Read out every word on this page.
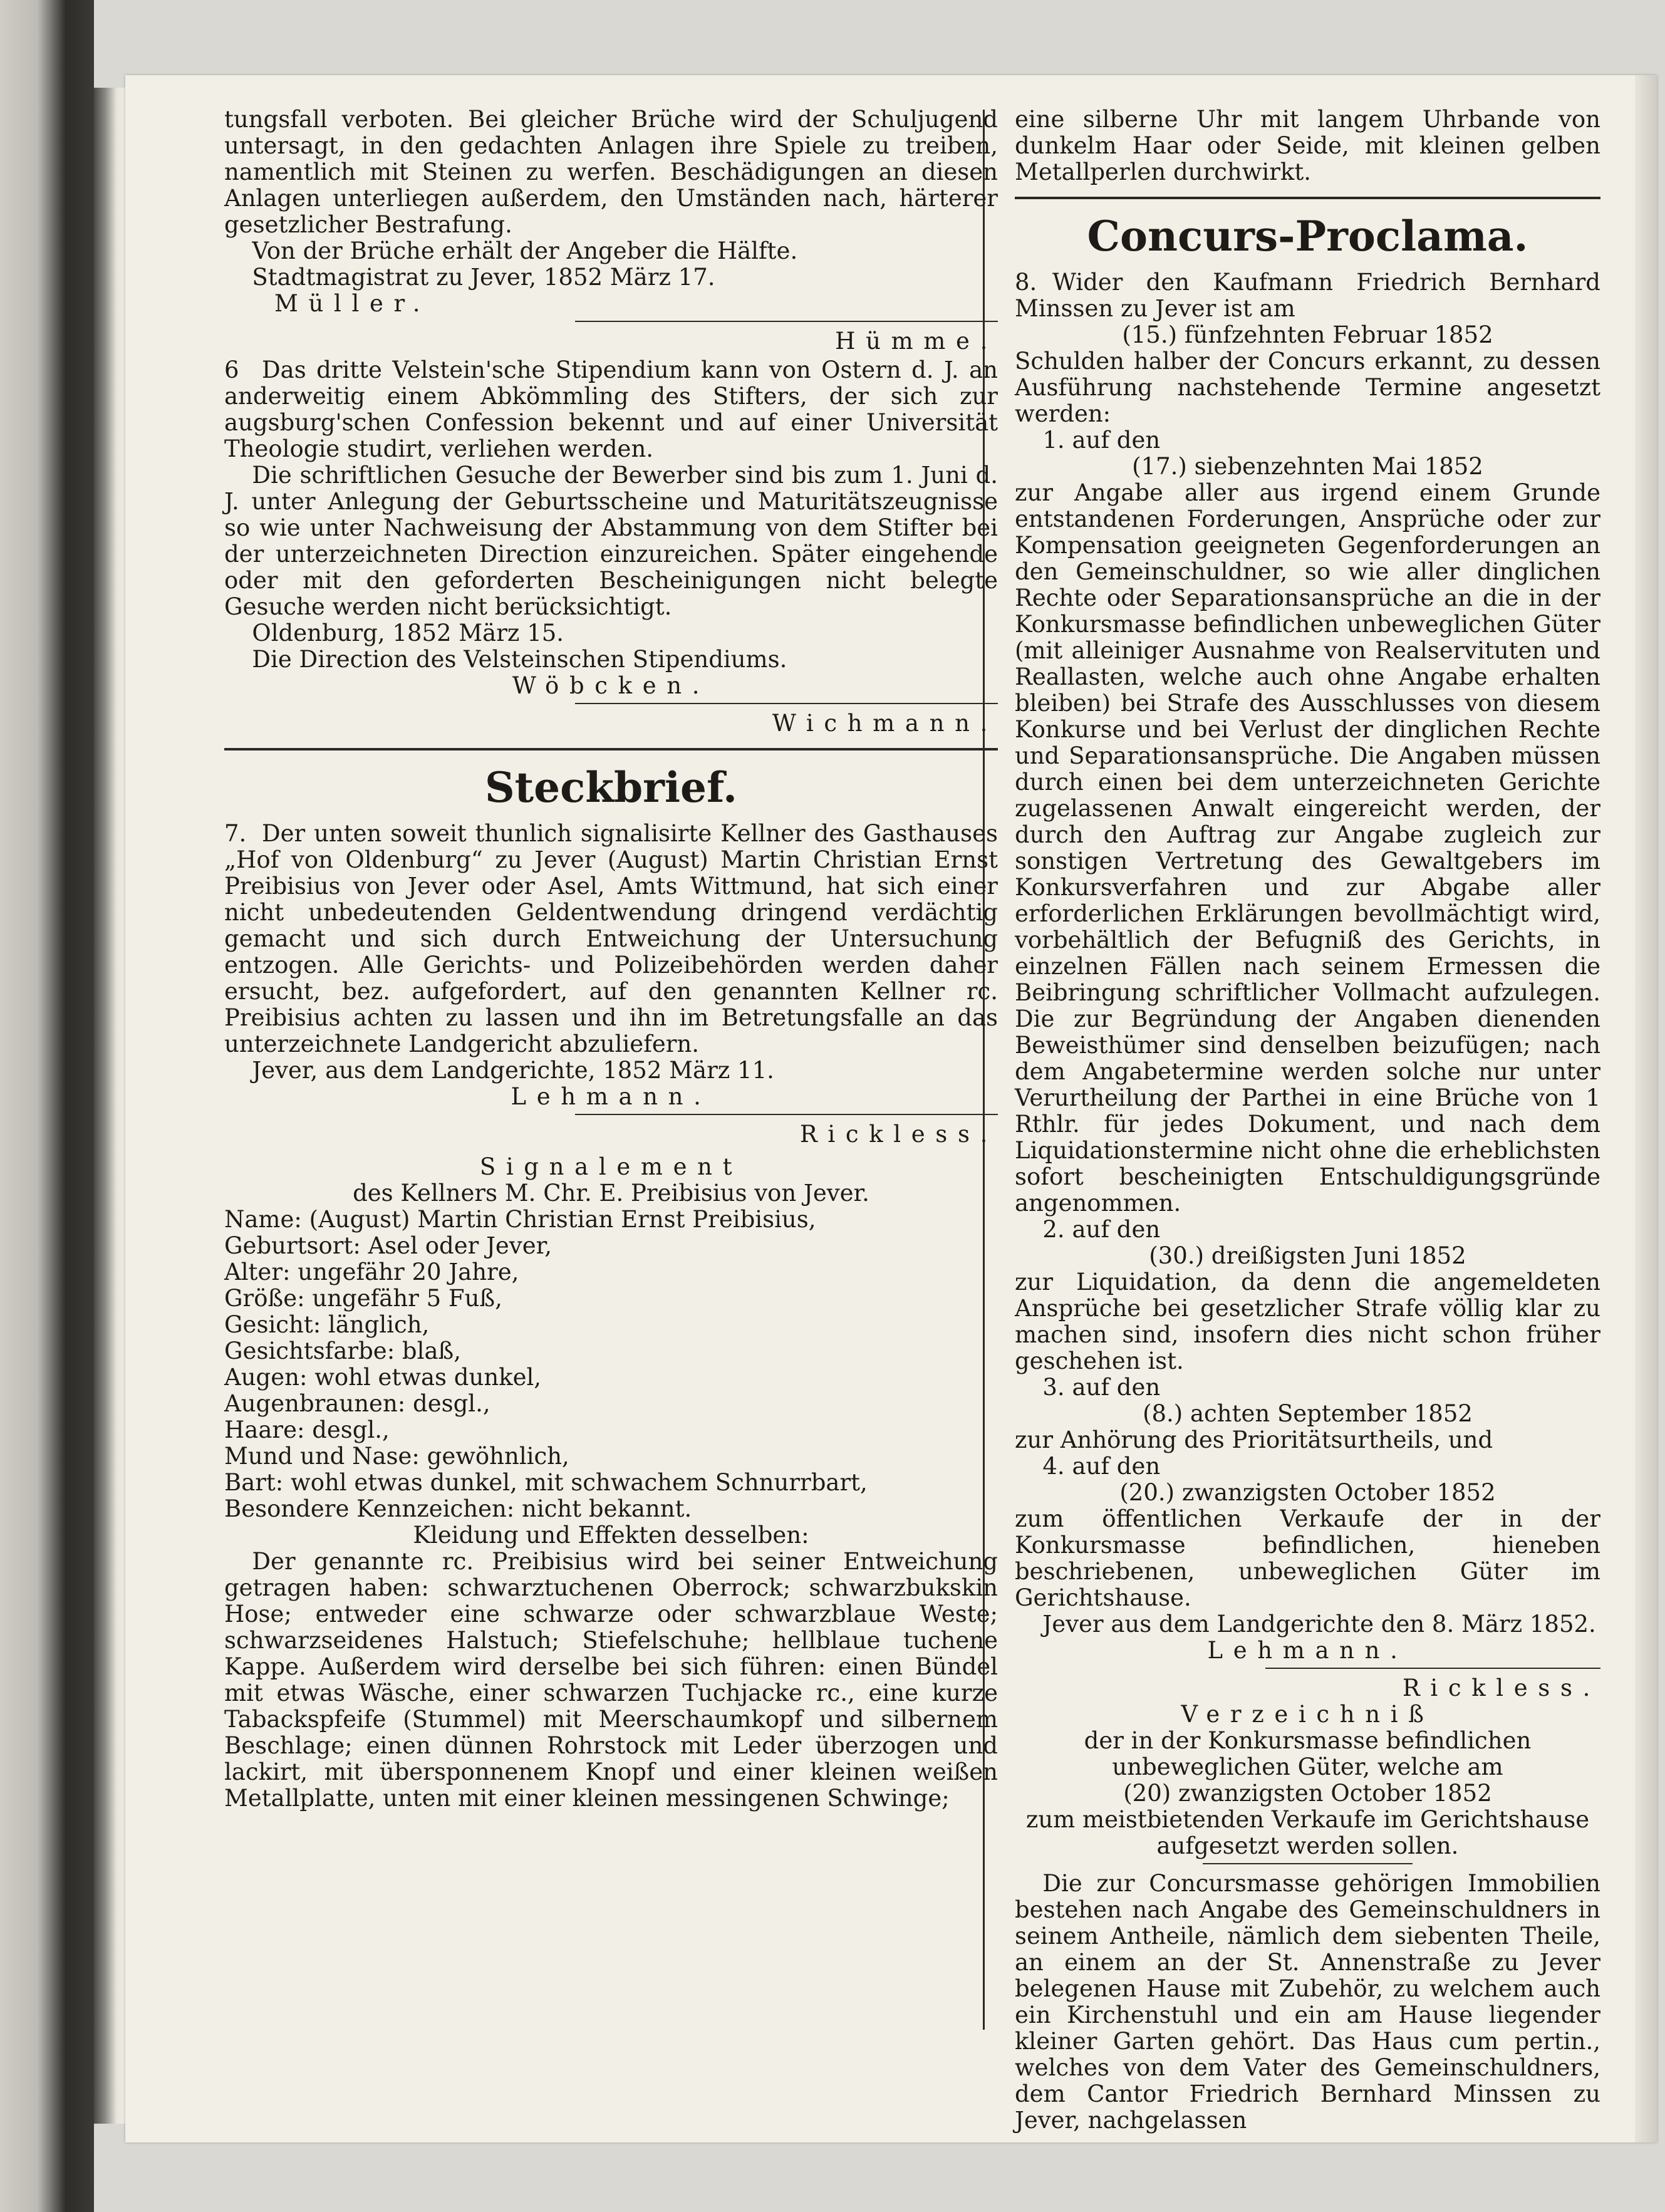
tungsfall verboten. Bei gleicher Brüche wird der Schuljugend untersagt, in den gedachten Anlagen ihre Spiele zu treiben, namentlich mit Steinen zu werfen. Beschädigungen an diesen Anlagen unterliegen außerdem, den Umständen nach, härterer gesetzlicher Bestrafung.

Von der Brüche erhält der Angeber die Hälfte.

Stadtmagistrat zu Jever, 1852 März 17.

Müller.

Hümme.

6 Das dritte Velstein'sche Stipendium kann von Ostern d. J. an anderweitig einem Abkömmling des Stifters, der sich zur augsburg'schen Confession bekennt und auf einer Universität Theologie studirt, verliehen werden.

Die schriftlichen Gesuche der Bewerber sind bis zum 1. Juni d. J. unter Anlegung der Geburtsscheine und Maturitätszeugnisse so wie unter Nachweisung der Abstammung von dem Stifter bei der unterzeichneten Direction einzureichen. Später eingehende oder mit den geforderten Bescheinigungen nicht belegte Gesuche werden nicht berücksichtigt.

Oldenburg, 1852 März 15.

Die Direction des Velsteinschen Stipendiums.

Wöbcken.

Wichmann.

Steckbrief.

7. Der unten soweit thunlich signalisirte Kellner des Gasthauses „Hof von Oldenburg“ zu Jever (August) Martin Christian Ernst Preibisius von Jever oder Asel, Amts Wittmund, hat sich einer nicht unbedeutenden Geldentwendung dringend verdächtig gemacht und sich durch Entweichung der Untersuchung entzogen. Alle Gerichts- und Polizeibehörden werden daher ersucht, bez. aufgefordert, auf den genannten Kellner rc. Preibisius achten zu lassen und ihn im Betretungsfalle an das unterzeichnete Landgericht abzuliefern.

Jever, aus dem Landgerichte, 1852 März 11.

Lehmann.

Rickless.

Signalement

des Kellners M. Chr. E. Preibisius von Jever.

Name: (August) Martin Christian Ernst Preibisius,

Geburtsort: Asel oder Jever,

Alter: ungefähr 20 Jahre,

Größe: ungefähr 5 Fuß,

Gesicht: länglich,

Gesichtsfarbe: blaß,

Augen: wohl etwas dunkel,

Augenbraunen: desgl.,

Haare: desgl.,

Mund und Nase: gewöhnlich,

Bart: wohl etwas dunkel, mit schwachem Schnurrbart,

Besondere Kennzeichen: nicht bekannt.

Kleidung und Effekten desselben:

Der genannte rc. Preibisius wird bei seiner Entweichung getragen haben: schwarztuchenen Oberrock; schwarzbukskin Hose; entweder eine schwarze oder schwarzblaue Weste; schwarzseidenes Halstuch; Stiefelschuhe; hellblaue tuchene Kappe. Außerdem wird derselbe bei sich führen: einen Bündel mit etwas Wäsche, einer schwarzen Tuchjacke rc., eine kurze Tabackspfeife (Stummel) mit Meerschaumkopf und silbernem Beschlage; einen dünnen Rohrstock mit Leder überzogen und lackirt, mit übersponnenem Knopf und einer kleinen weißen Metallplatte, unten mit einer kleinen messingenen Schwinge;

eine silberne Uhr mit langem Uhrbande von dunkelm Haar oder Seide, mit kleinen gelben Metallperlen durchwirkt.

Concurs-Proclama.

8. Wider den Kaufmann Friedrich Bernhard Minssen zu Jever ist am

(15.) fünfzehnten Februar 1852

Schulden halber der Concurs erkannt, zu dessen Ausführung nachstehende Termine angesetzt werden:

1. auf den

(17.) siebenzehnten Mai 1852

zur Angabe aller aus irgend einem Grunde entstandenen Forderungen, Ansprüche oder zur Kompensation geeigneten Gegenforderungen an den Gemeinschuldner, so wie aller dinglichen Rechte oder Separationsansprüche an die in der Konkursmasse befindlichen unbeweglichen Güter (mit alleiniger Ausnahme von Realservituten und Reallasten, welche auch ohne Angabe erhalten bleiben) bei Strafe des Ausschlusses von diesem Konkurse und bei Verlust der dinglichen Rechte und Separationsansprüche. Die Angaben müssen durch einen bei dem unterzeichneten Gerichte zugelassenen Anwalt eingereicht werden, der durch den Auftrag zur Angabe zugleich zur sonstigen Vertretung des Gewaltgebers im Konkursverfahren und zur Abgabe aller erforderlichen Erklärungen bevollmächtigt wird, vorbehältlich der Befugniß des Gerichts, in einzelnen Fällen nach seinem Ermessen die Beibringung schriftlicher Vollmacht aufzulegen. Die zur Begründung der Angaben dienenden Beweisthümer sind denselben beizufügen; nach dem Angabetermine werden solche nur unter Verurtheilung der Parthei in eine Brüche von 1 Rthlr. für jedes Dokument, und nach dem Liquidationstermine nicht ohne die erheblichsten sofort bescheinigten Entschuldigungsgründe angenommen.

2. auf den

(30.) dreißigsten Juni 1852

zur Liquidation, da denn die angemeldeten Ansprüche bei gesetzlicher Strafe völlig klar zu machen sind, insofern dies nicht schon früher geschehen ist.

3. auf den

(8.) achten September 1852

zur Anhörung des Prioritätsurtheils, und

4. auf den

(20.) zwanzigsten October 1852

zum öffentlichen Verkaufe der in der Konkursmasse befindlichen, hieneben beschriebenen, unbeweglichen Güter im Gerichtshause.

Jever aus dem Landgerichte den 8. März 1852.

Lehmann.

Rickless.

Verzeichniß

der in der Konkursmasse befindlichen unbeweglichen Güter, welche am

(20) zwanzigsten October 1852

zum meistbietenden Verkaufe im Gerichtshause aufgesetzt werden sollen.

Die zur Concursmasse gehörigen Immobilien bestehen nach Angabe des Gemeinschuldners in seinem Antheile, nämlich dem siebenten Theile, an einem an der St. Annenstraße zu Jever belegenen Hause mit Zubehör, zu welchem auch ein Kirchenstuhl und ein am Hause liegender kleiner Garten gehört. Das Haus cum pertin., welches von dem Vater des Gemeinschuldners, dem Cantor Friedrich Bernhard Minssen zu Jever, nachgelassen
